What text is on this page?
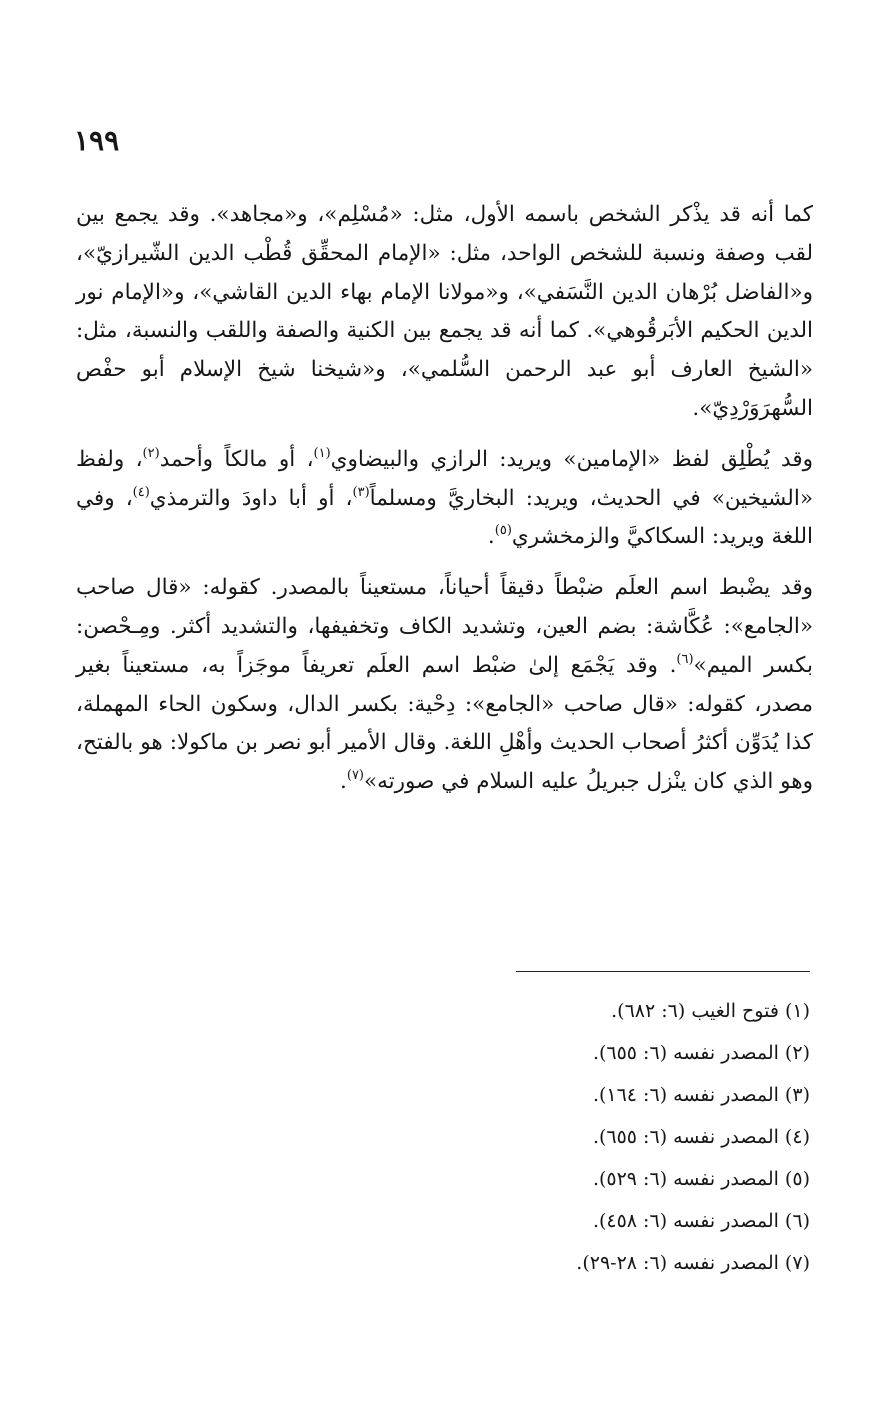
١٩٩

كما أنه قد يذْكر الشخص باسمه الأول، مثل: «مُسْلِم»، و«مجاهد». وقد يجمع بين لقب وصفة ونسبة للشخص الواحد، مثل: «الإمام المحقِّق قُطْب الدين الشّيرازيّ»، و«الفاضل بُرْهان الدين النَّسَفي»، و«مولانا الإمام بهاء الدين القاشي»، و«الإمام نور الدين الحكيم الأبَرقُوهي». كما أنه قد يجمع بين الكنية والصفة واللقب والنسبة، مثل: «الشيخ العارف أبو عبد الرحمن السُّلمي»، و«شيخنا شيخ الإسلام أبو حفْص السُّهرَوَرْدِيّ».

وقد يُطْلِق لفظ «الإمامين» ويريد: الرازي والبيضاوي$^{(١)}$، أو مالكاً وأحمد$^{(٢)}$، ولفظ «الشيخين» في الحديث، ويريد: البخاريَّ ومسلماً$^{(٣)}$، أو أبا داودَ والترمذي$^{(٤)}$، وفي اللغة ويريد: السكاكيَّ والزمخشري$^{(٥)}$.

وقد يضْبط اسم العلَم ضبْطاً دقيقاً أحياناً، مستعيناً بالمصدر. كقوله: «قال صاحب «الجامع»: عُكَّاشة: بضم العين، وتشديد الكاف وتخفيفها، والتشديد أكثر. ومِـحْصن: بكسر الميم»$^{(٦)}$. وقد يَجْمَع إلىٰ ضبْط اسم العلَم تعريفاً موجَزاً به، مستعيناً بغير مصدر، كقوله: «قال صاحب «الجامع»: دِحْية: بكسر الدال، وسكون الحاء المهملة، كذا يُدَوِّن أكثرُ أصحاب الحديث وأهْلِ اللغة. وقال الأمير أبو نصر بن ماكولا: هو بالفتح، وهو الذي كان ينْزل جبريلُ عليه السلام في صورته»$^{(٧)}$.

(١) فتوح الغيب (٦: ٦٨٢).
(٢) المصدر نفسه (٦: ٦٥٥).
(٣) المصدر نفسه (٦: ١٦٤).
(٤) المصدر نفسه (٦: ٦٥٥).
(٥) المصدر نفسه (٦: ٥٢٩).
(٦) المصدر نفسه (٦: ٤٥٨).
(٧) المصدر نفسه (٦: ٢٨-٢٩).
